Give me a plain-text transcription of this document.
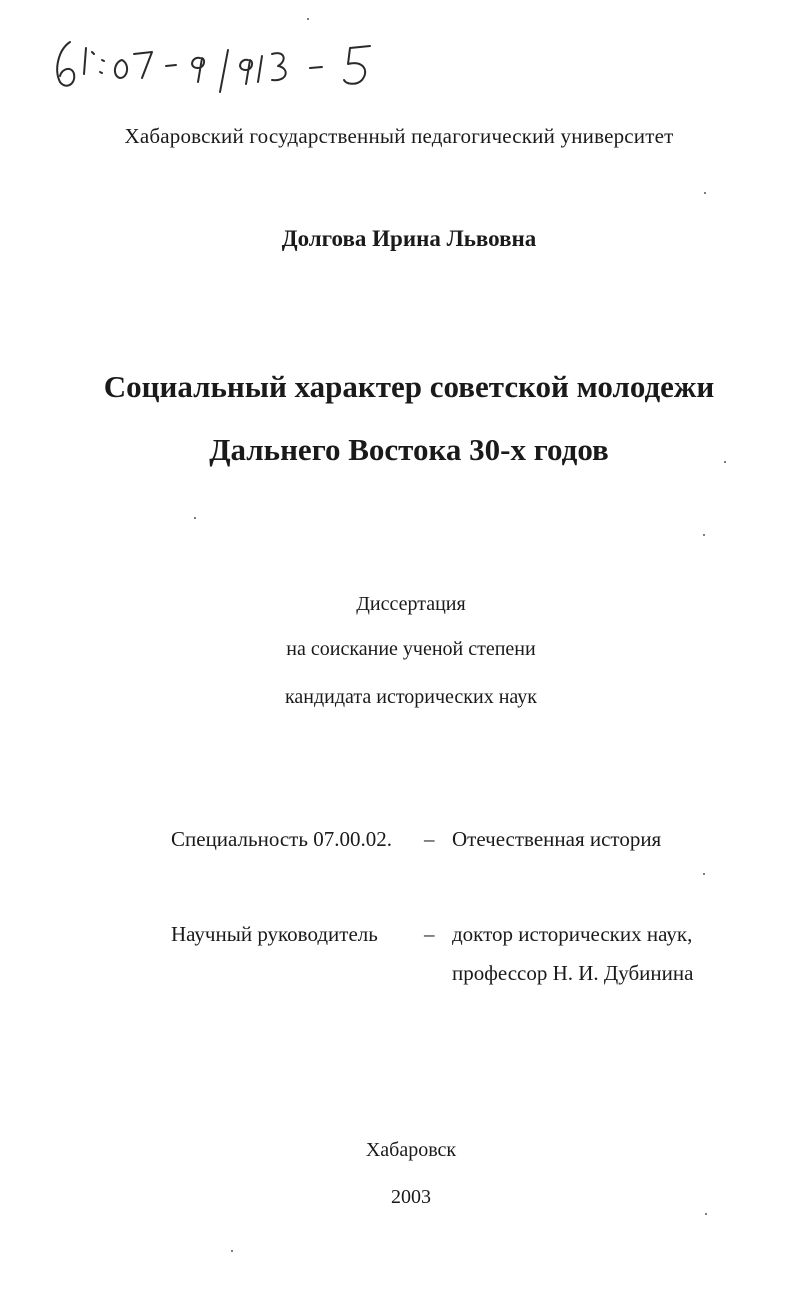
Хабаровский государственный педагогический университет
Долгова Ирина Львовна
Социальный характер советской молодежи
Дальнего Востока 30-х годов
Диссертация
на соискание ученой степени
кандидата исторических наук
Специальность 07.00.02. – Отечественная история
Научный руководитель – доктор исторических наук,
профессор Н. И. Дубинина
Хабаровск
2003
